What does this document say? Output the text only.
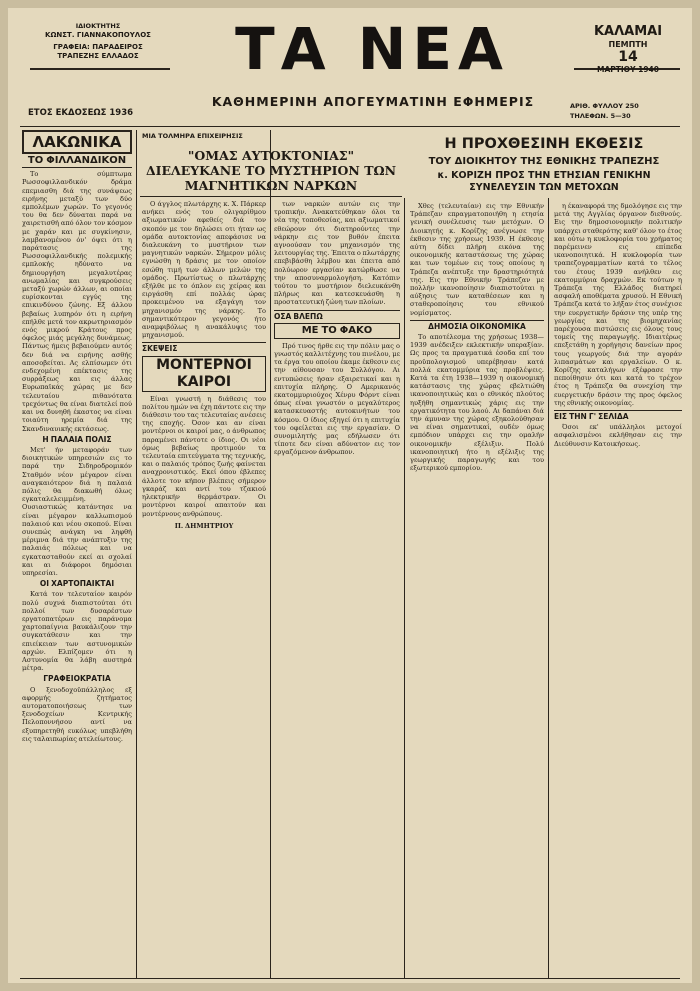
ΙΔΙΟΚΤΗΤΗΣ
ΚΩΝΣΤ. ΓΙΑΝΝΑΚΟΠΟΥΛΟΣ
ΓΡΑΦΕΙΑ: ΠΑΡΑΔΕΙΡΟΣ
ΤΡΑΠΕΖΗΣ ΕΛΛΑΔΟΣ
ΕΤΟΣ ΕΚΔΟΣΕΩΣ 1936
ΤΑ ΝΕΑ
ΚΑΘΗΜΕΡΙΝΗ ΑΠΟΓΕΥΜΑΤΙΝΗ ΕΦΗΜΕΡΙΣ
ΚΑΛΑΜΑΙ
ΠΕΜΠΤΗ
14
ΜΑΡΤΙΟΥ 1940
ΑΡΙΘ. ΦΥΛΛΟΥ 250
ΤΗΛΕΦΩΝ. 5—30
ΛΑΚΩΝΙΚΑ
ΤΟ ΦΙΛΛΑΝΔΙΚΟΝ

Το σύμπτωμα Ρωσσοφιλλανδικόν δράμα επεμιασθη διά της συνάψεως ειρήνης μεταξύ των δύο εμπολέμων χωρών. Το γεγονός του θα δεν δύναται παρά να χαιρετισθή από όλον τον κόσμον με χαράν και με συγκίνησιν, λαμβανομένου όν' όψει ότι η παράτασις της Ρωσσοφιλλανδικής πολεμικής εμπλοκής ηδύνατο να δημιουργήση μεγαλυτέρας ανωμαλίας και συγκρούσεις μεταξύ χωρών άλλων, αι οποίαι ευρίσκονται εγγύς της επικινδύνου ζώνης. Εξ άλλου βεβαίως λυπηρόν ότι η ειρήνη επήλθε μετά τον ακρωτηριασμόν ενός μικρού Κράτους προς όφελος μιάς μεγάλης δυνάμεως. Πάντως ήμεις βεβαιούμεν αυτός δεν διά να ειρήνης ασθής αποσοβείται. Ας ελπίσωμεν ότι ενδεχομένη επέκτασις της συρράξεως και εις άλλας Ευρωπαϊκάς χώρας με δεν τελευταίου πιθανότατα τρεχόντως θα είναι διατελεί πού και να δυνηθή έκαστος να είναι τοιαύτη ηρεμία διά της Σκανδιναυικής εκτάσεως.

Η ΠΑΛΑΙΑ ΠΟΛΙΣ

Μετ' ήν μεταφοράν των διοικητικών υπηρεσιών εις το παρά την Σιδηροδρομικόν Σταθμόν νέον μέγαρον είναι αναγκαιότερον διά η παλαιά πόλις θα διακωθή όλως εγκαταλελειμμένη. Ουσιαστικώς κατάντησε να είναι μέγαρον καλλωπισμού παλαιού και νέου σκοπού. Είναι συνεπώς ανάγκη να ληφθή μέριμνα διά την ανάπτυξιν της παλαιάς πόλεως και να εγκατασταθούν εκεί αι σχολαί και αι διάφοροι δημόσιαι υπηρεσίαι.

ΟΙ ΧΑΡΤΟΠΑΙΚΤΑΙ

Κατά τον τελευταίον καιρόν πολύ συχνά διαπιστούται ότι πολλοί των δυσαρέστων εργατοπατέρων εις παράνομα χαρτοπαίγνια βαυκάλιζουν την συγκατάθεσιν και την επιείκειαν των αστυνομικών αρχών. Ελπίζομεν ότι η Αστυνομία θα λάβη αυστηρά μέτρα.

ΓΡΑΦΕΙΟΚΡΑΤΙΑ

Ο ξενοδοχοϋπάλληλος εξ αφορμής ζητήματος αυτοματοποιήσεως των ξενοδοχείων Κεντρικής Πελοποννήσου αντί να εξυπηρετηθή ευκόλως υπεβλήθη εις ταλαιπωρίας ατελείωτους.

ΜΙΑ ΤΟΛΜΗΡΑ ΕΠΙΧΕΙΡΗΣΙΣ
"ΟΜΑΣ ΑΥΤΟΚΤΟΝΙΑΣ" ΔΙΕΛΕΥΚΑΝΕ ΤΟ ΜΥΣΤΗΡΙΟΝ ΤΩΝ ΜΑΓΝΗΤΙΚΩΝ ΝΑΡΚΩΝ

Ο άγγλος πλωτάρχης κ. Χ. Πάρκερ ανήκει ενός του ολιγαρίθμου αξιωματικών αφεθείς διά τον σκοπόν με τον δηλώσει οτι ήταν ως ομάδα αυτοκτονίας απεφάσισε να διαλευκάνη το μυστήριον των μαγνητικών ναρκών. Σήμερον μόλις εγνώσθη η δράσις με τον οποίον εσώθη τιμή των άλλων μελών της ομάδος. Πρωτίστως ο πλωτάρχης εξήλθε με το όπλον εις χείρας και ειργάσθη επί πολλάς ώρας προκειμένου να εξαγάγη τον μηχανισμόν της νάρκης. Το σημαντικότερον γεγονός ήτο αναμφιβόλως η ανακάλυψις του μηχανισμού.

ΣΚΕΨΕΙΣ
ΜΟΝΤΕΡΝΟΙ ΚΑΙΡΟΙ

Είναι γνωστή η διάθεσις του πολίτου ημών να έχη πάντοτε εις την διάθεσιν του τας τελευταίας ανέσεις της εποχής. Όσον και αν είναι μοντέρνοι οι καιροί μας, ο άνθρωπος παραμένει πάντοτε ο ίδιος. Οι νέοι όμως βεβαίως προτιμούν τα τελευταία επιτεύγματα της τεχνικής, και ο παλαιός τρόπος ζωής φαίνεται αναχρονιστικός. Εκεί όπου έβλεπες άλλοτε τον κήπον βλέπεις σήμερον γκαράζ και αντί του τζακιού ηλεκτρικήν θερμάστραν. Οι μοντέρνοι καιροί απαιτούν και μοντέρνους ανθρώπους.

Π. ΔΗΜΗΤΡΙΟΥ

των ναρκών αυτών εις την τροπικήν. Ανακατεύθηκαν όλοι τα νέα της τοποθεσίας, και αξιωματικοί εθεώρουν ότι διατηρούντες την νάρκην εις τον βυθόν έπειτα αγνοούσαν τον μηχανισμόν της λειτουργίας της. Έπειτα ο πλωτάρχης επεβιβάσθη λέμβου και έπειτα από πολύωρον εργασίαν κατώρθωσε να την αποσυναρμολογήση. Κατόπιν τούτου το μυστήριον διελευκάνθη πλήρως και κατεσκευάσθη η προστατευτική ζώνη των πλοίων.

ΟΣΑ ΒΛΕΠΩ
ΜΕ ΤΟ ΦΑΚΟ

Πρό τινος ήρθε εις την πόλιν μας ο γνωστός καλλιτέχνης του πινέλου, με τα έργα του οποίου έκαμε έκθεσιν εις την αίθουσαν του Συλλόγου. Αι εντυπώσεις ήσαν εξαιρετικαί και η επιτυχία πλήρης. Ο Αμερικανός εκατομμυριούχος Χένρυ Φόρντ είναι όπως είναι γνωστόν ο μεγαλύτερος κατασκευαστής αυτοκινήτων του κόσμου. Ο ίδιος εξηγεί ότι η επιτυχία του οφείλεται εις την εργασίαν. Ο συνομιλητής μας εδήλωσεν ότι τίποτε δεν είναι αδύνατον εις τον εργαζόμενον άνθρωπον.

Η ΠΡΟΧΘΕΣΙΝΗ ΕΚΘΕΣΙΣ
ΤΟΥ ΔΙΟΙΚΗΤΟΥ ΤΗΣ ΕΘΝΙΚΗΣ ΤΡΑΠΕΖΗΣ
κ. ΚΟΡΙΖΗ ΠΡΟΣ ΤΗΝ ΕΤΗΣΙΑΝ ΓΕΝΙΚΗΝ ΣΥΝΕΛΕΥΣΙΝ ΤΩΝ ΜΕΤΟΧΩΝ

Χθες (τελευταίαν) εις την Εθνικήν Τράπεζαν επραγματοποιήθη η ετησία γενική συνέλευσις των μετόχων. Ο Διοικητής κ. Κορίζης ανέγνωσε την έκθεσιν της χρήσεως 1939. Η έκθεσις αύτη δίδει πλήρη εικόνα της οικονομικής καταστάσεως της χώρας και των τομέων εις τους οποίους η Τράπεζα ανέπτυξε την δραστηριότητά της. Εις την Εθνικήν Τράπεζαν με πολλήν ικανοποίησιν διαπιστούται η αύξησις των καταθέσεων και η σταθεροποίησις του εθνικού νομίσματος.

ΔΗΜΟΣΙΑ ΟΙΚΟΝΟΜΙΚΑ

Το αποτέλεσμα της χρήσεως 1938—1939 ανέδειξεν εκλεκτικήν υπεραξίαν. Ως προς τα πραγματικά έσοδα επί του προϋπολογισμού υπερέβησαν κατά πολλά εκατομμύρια τας προβλέψεις. Κατά τα έτη 1938—1939 η οικονομική κατάστασις της χώρας εβελτιώθη ικανοποιητικώς και ο εθνικός πλούτος ηυξήθη σημαντικώς χάρις εις την εργατικότητα του λαού. Αι δαπάναι διά την άμυναν της χώρας εξηκολούθησαν να είναι σημαντικαί, ουδέν όμως εμπόδιον υπάρχει εις την ομαλήν οικονομικήν εξέλιξιν. Πολύ ικανοποιητική ήτο η εξέλιξις της γεωργικής παραγωγής και του εξωτερικού εμπορίου.

η έκαναφορά της δμολόγησε εις την μετά της Αγγλίας όργανον διεθνούς. Εις την δημοσιονομικήν πολιτικήν υπάρχει σταθερότης καθ' όλον το έτος και ούτω η κυκλοφορία του χρήματος παρέμεινεν εις επίπεδα ικανοποιητικά. Η κυκλοφορία των τραπεζογραμματίων κατά το τέλος του έτους 1939 ανήλθεν εις εκατομμύρια δραχμών. Εκ τούτων η Τράπεζα της Ελλάδος διατηρεί ασφαλή αποθέματα χρυσού. Η Εθνική Τράπεζα κατά το λήξαν έτος συνέχισε την ευεργετικήν δράσιν της υπέρ της γεωργίας και της βιομηχανίας παρέχουσα πιστώσεις εις όλους τους τομείς της παραγωγής. Ιδιαιτέρως επεξετάθη η χορήγησις δανείων προς τους γεωργούς διά την αγοράν λιπασμάτων και εργαλείων. Ο κ. Κορίζης καταλήγων εξέφρασε την πεποίθησιν ότι και κατά το τρέχον έτος η Τράπεζα θα συνεχίση την ευεργετικήν δράσιν της προς όφελος της εθνικής οικονομίας.

ΕΙΣ ΤΗΝ Γ' ΣΕΛΙΔΑ

Όσοι εκ' υπάλληλοι μετοχοί ασφαλισμένοι εκλήθησαν εις την Διεύθυνσιν Κατοικήσεως.
